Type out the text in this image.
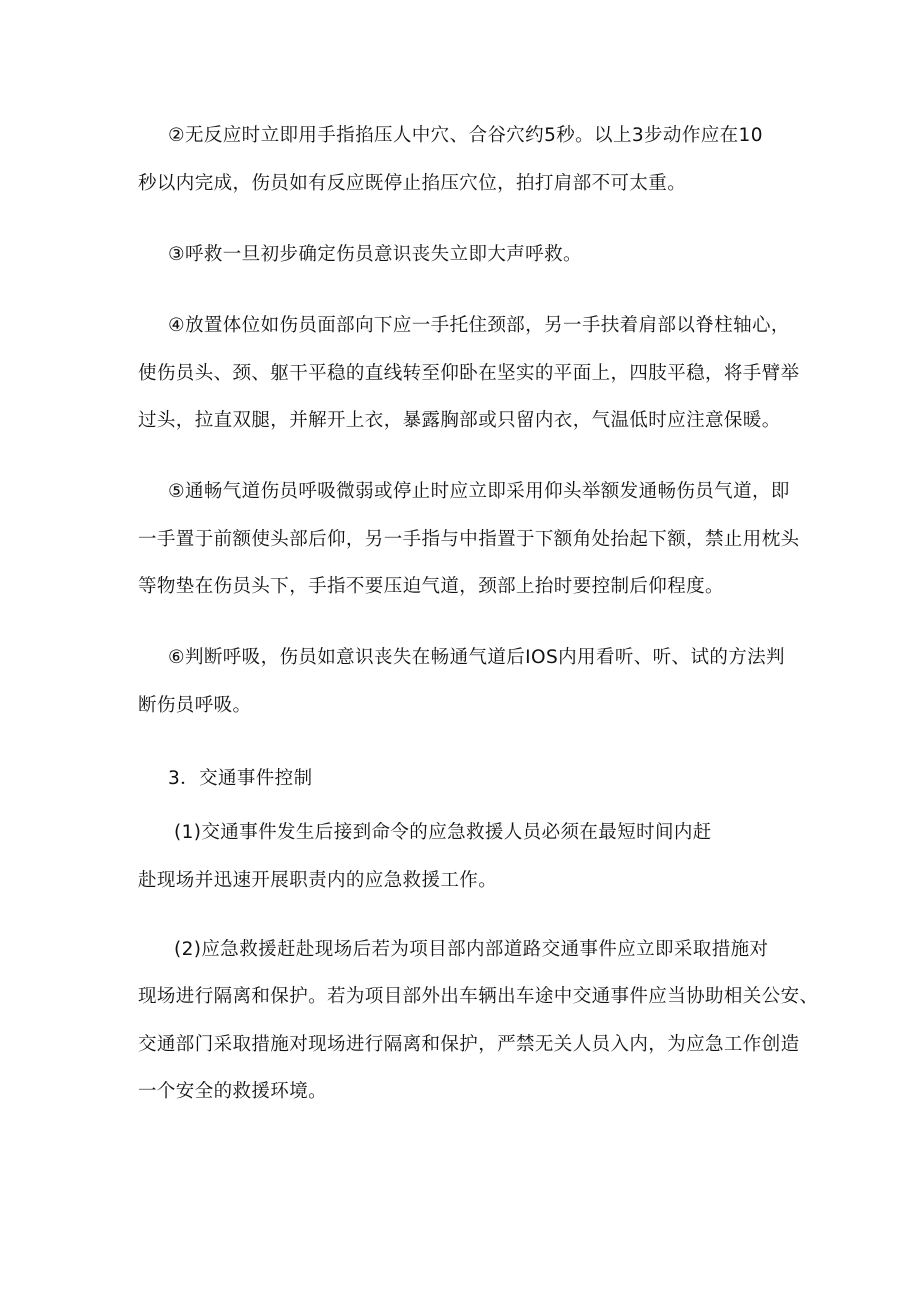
②无反应时立即用手指掐压人中穴、合谷穴约5秒。以上3步动作应在10
秒以内完成，伤员如有反应既停止掐压穴位，拍打肩部不可太重。
③呼救一旦初步确定伤员意识丧失立即大声呼救。
④放置体位如伤员面部向下应一手托住颈部，另一手扶着肩部以脊柱轴心，
使伤员头、颈、躯干平稳的直线转至仰卧在坚实的平面上，四肢平稳，将手臂举
过头，拉直双腿，并解开上衣，暴露胸部或只留内衣，气温低时应注意保暖。
⑤通畅气道伤员呼吸微弱或停止时应立即采用仰头举额发通畅伤员气道，即
一手置于前额使头部后仰，另一手指与中指置于下额角处抬起下额，禁止用枕头
等物垫在伤员头下，手指不要压迫气道，颈部上抬时要控制后仰程度。
⑥判断呼吸，伤员如意识丧失在畅通气道后IOS内用看听、听、试的方法判
断伤员呼吸。
3．交通事件控制
(1)交通事件发生后接到命令的应急救援人员必须在最短时间内赶
赴现场并迅速开展职责内的应急救援工作。
(2)应急救援赶赴现场后若为项目部内部道路交通事件应立即采取措施对
现场进行隔离和保护。若为项目部外出车辆出车途中交通事件应当协助相关公安、
交通部门采取措施对现场进行隔离和保护，严禁无关人员入内，为应急工作创造
一个安全的救援环境。
